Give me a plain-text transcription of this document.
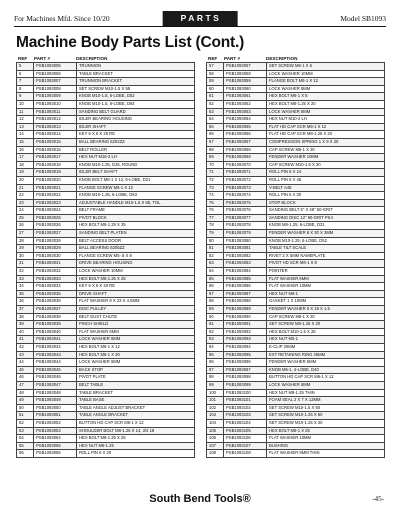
For Machines Mfd. Since 10/20	PARTS	Model SB1093
Machine Body Parts List (Cont.)
REF	PART #	DESCRIPTION
5	PSB1093005	TRUNNION
6	PSB1093006	TABLE BRACKET
7	PSB1093007	TRUNNION BRACKET
8	PSB1093008	SET SCREW M10-1.5 X 55
9	PSB1093009	KNOB M10-1.5, 6-LOBE, D52
10	PSB1093010	KNOB M10-1.5, 6-LOBE, D64
11	PSB1093011	SANDING BELT GUARD
12	PSB1093012	IDLER BEARING HOUSING
13	PSB1093013	IDLER SHAFT
14	PSB1093014	KEY 6 X 6 X 25 RE
15	PSB1093015	BALL BEARING 6202ZZ
16	PSB1093016	BELT ROLLER
17	PSB1093017	HEX NUT M16-2 LH
18	PSB1093018	KNOB M10-1.25, D25, ROUND
19	PSB1093019	IDLER BELT SHAFT
20	PSB1093020	KNOB BOLT M8-1 X 12, 6-LOBE, D21
21	PSB1093021	FLANGE SCREW M6-1 X 12
22	PSB1093022	KNOB M10-1.25, 6-LOBE, D63
23	PSB1093023	ADJUSTABLE HANDLE M10-1.5 X 65, TOL
24	PSB1093024	BELT FRAME
25	PSB1093025	PIVOT BLOCK
26	PSB1093026	HEX BOLT M8-1.25 X 25
27	PSB1093027	SANDING BELT PLATEN
28	PSB1093028	BELT ACCESS DOOR
29	PSB1093029	BALL BEARING 6205ZZ
30	PSB1093030	FLANGE SCREW M5-.8 X 8
31	PSB1093031	DRIVE BEARING HOUSING
32	PSB1093032	LOCK WASHER 10MM
33	PSB1093033	HEX BOLT M8-1.25 X 25
34	PSB1093034	KEY 6 X 6 X 40 RE
35	PSB1093035	DRIVE SHAFT
36	PSB1093036	FLAT WASHER 8 X 23 X 4.5MM
37	PSB1093037	DISC PULLEY
38	PSB1093038	BELT DUST CHUTE
39	PSB1093039	PINCH SHIELD
40	PSB1093040	FLAT WASHER 6MM
41	PSB1093041	LOCK WASHER 6MM
42	PSB1093042	HEX BOLT M6-1 X 12
43	PSB1093043	HEX BOLT M6-1 X 30
44	PSB1093044	LOCK WASHER 6MM
45	PSB1093045	BACK STOP
46	PSB1093046	PIVOT PLATE
47	PSB1093047	BELT TABLE
48	PSB1093048	TABLE BRACKET
49	PSB1093049	TABLE BASE
50	PSB1093050	TABLE ANGLE ADJUST BRACKET
51	PSB1093051	TABLE ANGLE BRACKET
52	PSB1093052	BUTTON HD CAP SCR M6-1 X 12
53	PSB1093053	SHOULDER BOLT M8-1.25 X 14, 3/4 18
54	PSB1093054	HEX BOLT M8-1.25 X 25
55	PSB1093055	HEX NUT M8-1.25
56	PSB1093056	ROLL PIN 6 X 20
REF	PART #	DESCRIPTION
57	PSB1093057	SET SCREW M6-1 X 6
58	PSB1093058	LOCK WASHER 10MM
59	PSB1093059	FLANGE BOLT M6-1 X 12
60	PSB1093060	LOCK WASHER 8MM
61	PSB1093061	HEX BOLT M6-1 X 8
62	PSB1093062	HEX BOLT M8-1.25 X 20
63	PSB1093063	LOCK WASHER 8MM
64	PSB1093064	HEX NUT M10-2 LH
65	PSB1093065	FLAT HD CAP SCR M6-1 X 12
66	PSB1093066	FLAT HD CAP SCR M8-1.25 X 20
67	PSB1093067	COMPRESSION SPRING 1 X 9 X 20
68	PSB1093068	CAP SCREW M6-1 X 30
69	PSB1093069	FENDER WASHER 10MM
70	PSB1093070	CAP SCREW M10-1.5 X 30
71	PSB1093071	ROLL PIN 6 X 24
72	PSB1093072	ROLL PIN 6 X 45
73	PSB1093073	V-BELT A48
74	PSB1093074	ROLL PIN 5 X 30
75	PSB1093075	STOP BLOCK
76	PSB1093076	SANDING BELT 6" X 48" 60-GRIT
77	PSB1093077	SANDING DISC 12" 60-GRIT PSA
78	PSB1093078	KNOB M8-1.25, 6-LOBE, D31
79	PSB1093079	FENDER WASHER 8 X 30 X 3MM
80	PSB1093080	KNOB M10-1.25, 6-LOBE, D52
81	PSB1093081	TABLE TILT SCALE
82	PSB1093082	RIVET 2 X 5MM NAMEPLATE
83	PSB1093083	PIVOT HD SCR M6-1 X 8
84	PSB1093084	POINTER
85	PSB1093085	FLAT WASHER 6MM
86	PSB1093086	FLAT WASHER 10MM
87	PSB1093087	HEX NUT M6-1
88	PSB1093088	GASKET 1 X 10MM
89	PSB1093089	FENDER WASHER 5 X 19 X 1.5
90	PSB1093090	CAP SCREW M6-1 X 20
91	PSB1093091	SET SCREW M8-1.25 X 20
92	PSB1093092	HEX BOLT M10-1.5 X 25
93	PSB1093093	HEX NUT M5-1
94	PSB1093094	E-CLIP 20MM
95	PSB1093095	EXT RETAINING RING 25MM
96	PSB1093096	FENDER WASHER 6MM
97	PSB1093097	KNOB M6-1, 4-LOBE, D40
98	PSB1093098	BUTTON HD CAP SCR M6-1 X 12
99	PSB1093099	LOCK WASHER 6MM
100	PSB1093100	HEX NUT M8-1.25 THIN
101	PSB1093101	FOAM SEAL 2 X 7 X 12MM
102	PSB1093102	SET SCREW M10-1.5 X 60
103	PSB1093103	SET SCREW M10-1.25 X 60
104	PSB1093104	SET SCREW M10-1.25 X 30
105	PSB1093105	HEX BOLT M8-1 X 25
106	PSB1093106	FLAT WASHER 10MM
107	PSB1093107	BUSHING
108	PSB1093108	FLAT WASHER 8MM THIN
South Bend Tools®	-45-
